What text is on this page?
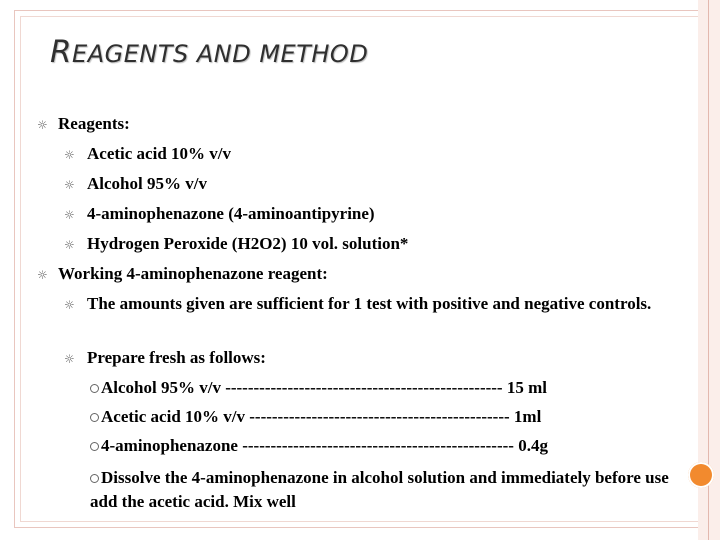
REAGENTS AND METHOD
☼ Reagents:
☼ Acetic acid 10% v/v
☼ Alcohol 95% v/v
☼ 4-aminophenazone (4-aminoantipyrine)
☼ Hydrogen Peroxide (H2O2) 10 vol. solution*
☼ Working 4-aminophenazone reagent:
☼ The amounts given are sufficient for 1 test with positive and negative controls.
☼ Prepare fresh as follows:
Alcohol 95% v/v ------------------------------------------------- 15 ml
Acetic acid 10% v/v ---------------------------------------------- 1ml
4-aminophenazone ------------------------------------------------ 0.4g
Dissolve the 4-aminophenazone in alcohol solution and immediately before use add the acetic acid. Mix well
